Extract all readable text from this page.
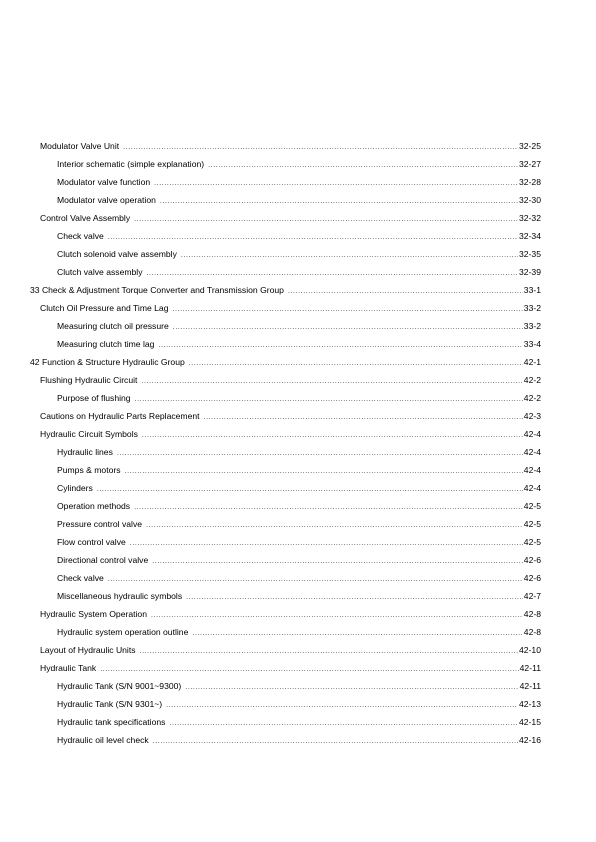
Modulator Valve Unit .....	32-25
Interior schematic (simple explanation) .....	32-27
Modulator valve function .....	32-28
Modulator valve operation .....	32-30
Control Valve Assembly .....	32-32
Check valve .....	32-34
Clutch solenoid valve assembly .....	32-35
Clutch valve assembly .....	32-39
33 Check & Adjustment Torque Converter and Transmission Group .....	33-1
Clutch Oil Pressure and Time Lag .....	33-2
Measuring clutch oil pressure .....	33-2
Measuring clutch time lag .....	33-4
42 Function & Structure Hydraulic Group .....	42-1
Flushing Hydraulic Circuit .....	42-2
Purpose of flushing .....	42-2
Cautions on Hydraulic Parts Replacement .....	42-3
Hydraulic Circuit Symbols .....	42-4
Hydraulic lines .....	42-4
Pumps & motors .....	42-4
Cylinders .....	42-4
Operation methods .....	42-5
Pressure control valve .....	42-5
Flow control valve .....	42-5
Directional control valve .....	42-6
Check valve .....	42-6
Miscellaneous hydraulic symbols .....	42-7
Hydraulic System Operation .....	42-8
Hydraulic system operation outline .....	42-8
Layout of Hydraulic Units .....	42-10
Hydraulic Tank .....	42-11
Hydraulic Tank (S/N 9001~9300) .....	42-11
Hydraulic Tank (S/N 9301~) .....	42-13
Hydraulic tank specifications .....	42-15
Hydraulic oil level check .....	42-16
